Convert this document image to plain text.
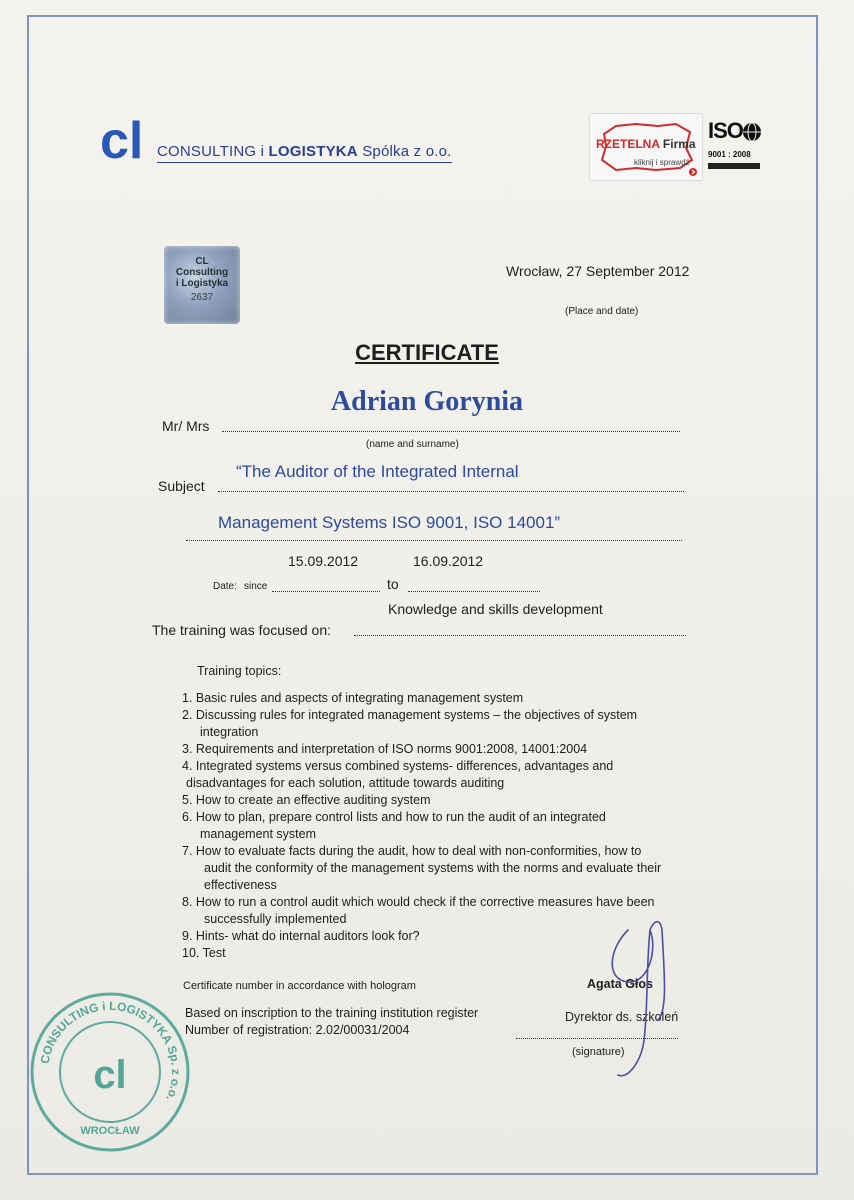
cl CONSULTING i LOGISTYKA Spólka z o.o.	RZETELNA Firma
kliknij i sprawdź
ISO
9001 : 2008
CL
Consulting
i Logistyka
2637
Wrocław, 27 September 2012
(Place and date)
CERTIFICATE
Adrian Gorynia
Mr/ Mrs
(name and surname)
“The Auditor of the Integrated Internal
Subject
Management Systems ISO 9001, ISO 14001”
15.09.2012	16.09.2012
Date: since	to
Knowledge and skills development
The training was focused on:
Training topics:
1. Basic rules and aspects of integrating management system
2. Discussing rules for integrated management systems – the objectives of system
integration
3. Requirements and interpretation of ISO norms 9001:2008, 14001:2004
4. Integrated systems versus combined systems- differences, advantages and
disadvantages for each solution, attitude towards auditing
5. How to create an effective auditing system
6. How to plan, prepare control lists and how to run the audit of an integrated
management system
7. How to evaluate facts during the audit, how to deal with non-conformities, how to
audit the conformity of the management systems with the norms and evaluate their
effectiveness
8. How to run a control audit which would check if the corrective measures have been
successfully implemented
9. Hints- what do internal auditors look for?
10. Test
Certificate number in accordance with hologram
Based on inscription to the training institution register
Number of registration: 2.02/00031/2004
Agata Głos
Dyrektor ds. szkoleń
(signature)
CONSULTING i LOGISTYKA Sp. z o.o.
WROCŁAW
cl
